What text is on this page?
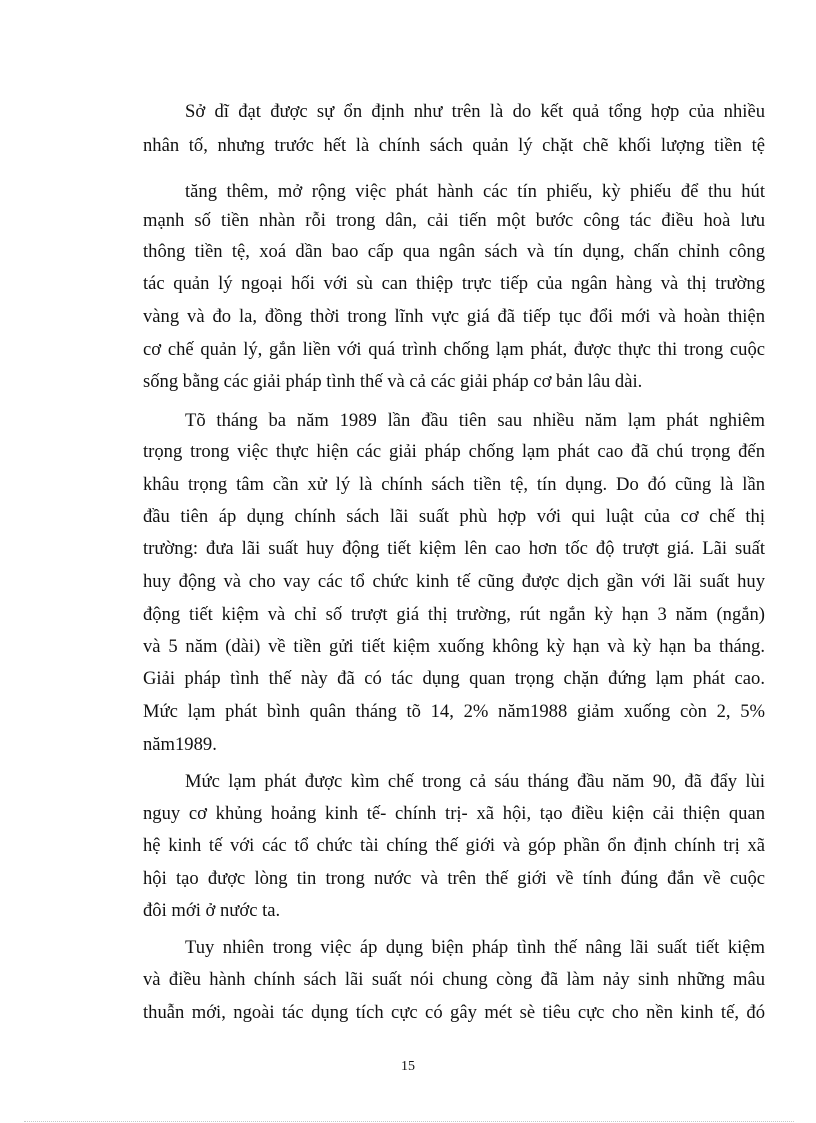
Sở dĩ đạt được sự ổn định như trên là do kết quả tổng hợp của nhiều
nhân tố, nhưng trước hết là chính sách quản lý chặt chẽ khối lượng tiền tệ
tăng thêm, mở rộng việc phát hành các tín phiếu, kỳ phiếu để thu hút
mạnh số tiền nhàn rỗi trong dân, cải tiến một bước công tác điều hoà lưu
thông tiền tệ, xoá dần bao cấp qua ngân sách và tín dụng, chấn chỉnh công
tác quản lý ngoại hối với sù can thiệp trực tiếp của ngân hàng và thị trường
vàng và đo la, đồng thời trong lĩnh vực giá đã tiếp tục đổi mới và hoàn thiện
cơ chế quản lý, gắn liền với quá trình chống lạm phát, được thực thi trong cuộc
sống bằng các giải pháp tình thế và cả các giải pháp cơ bản lâu dài.
Tõ tháng ba năm 1989 lần đầu tiên sau nhiều năm lạm phát nghiêm
trọng trong việc thực hiện các giải pháp chống lạm phát cao đã chú trọng đến
khâu trọng tâm cần xử lý là chính sách tiền tệ, tín dụng. Do đó cũng là lần
đầu tiên áp dụng chính sách lãi suất phù hợp với qui luật của cơ chế thị
trường: đưa lãi suất huy động tiết kiệm lên cao hơn tốc độ trượt giá. Lãi suất
huy động và cho vay các tổ chức kinh tế cũng được dịch gần với lãi suất huy
động tiết kiệm và chỉ số trượt giá thị trường, rút ngắn kỳ hạn 3 năm (ngắn)
và 5 năm (dài) về tiền gửi tiết kiệm xuống không kỳ hạn và kỳ hạn ba tháng.
Giải pháp tình thế này đã có tác dụng quan trọng chặn đứng lạm phát cao.
Mức lạm phát bình quân tháng tõ 14, 2% năm1988 giảm xuống còn 2, 5%
năm1989.
Mức lạm phát được kìm chế trong cả sáu tháng đầu năm 90, đã đẩy lùi
nguy cơ khủng hoảng kinh tế- chính trị- xã hội, tạo điều kiện cải thiện quan
hệ kinh tế với các tổ chức tài chíng thế giới và góp phần ổn định chính trị xã
hội tạo được lòng tin trong nước và trên thế giới về tính đúng đắn về cuộc
đôi mới ở nước ta.
Tuy nhiên trong việc áp dụng biện pháp tình thế nâng lãi suất tiết kiệm
và điều hành chính sách lãi suất nói chung còng đã làm nảy sinh những mâu
thuẫn mới, ngoài tác dụng tích cực có gây mét sè tiêu cực cho nền kinh tế, đó
15
